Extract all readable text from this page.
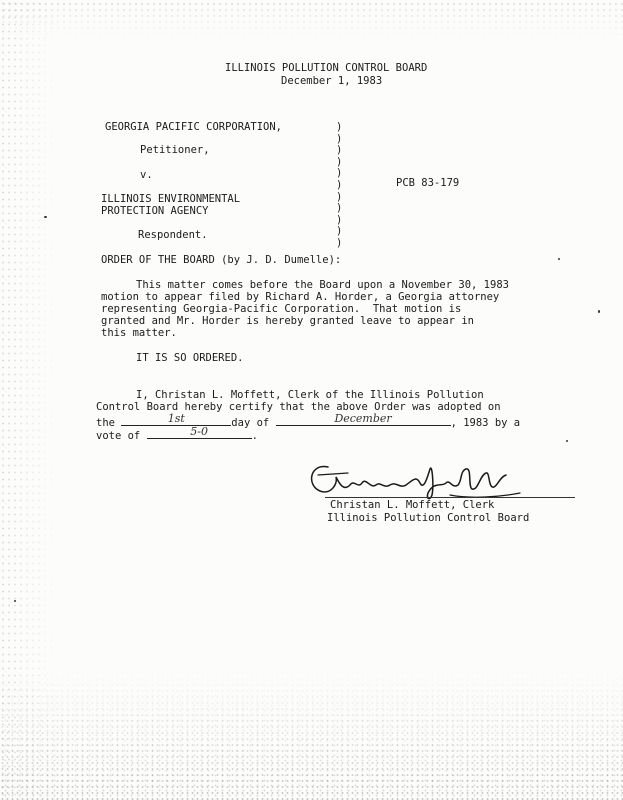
ILLINOIS POLLUTION CONTROL BOARD
December 1, 1983
GEORGIA PACIFIC CORPORATION,
Petitioner,
v.
ILLINOIS ENVIRONMENTAL
PROTECTION AGENCY
Respondent.
PCB 83-179
)
)
)
)
)
)
)
)
)
)
)
ORDER OF THE BOARD (by J. D. Dumelle):
This matter comes before the Board upon a November 30, 1983
motion to appear filed by Richard A. Horder, a Georgia attorney
representing Georgia-Pacific Corporation.  That motion is
granted and Mr. Horder is hereby granted leave to appear in
this matter.
IT IS SO ORDERED.
I, Christan L. Moffett, Clerk of the Illinois Pollution
Control Board hereby certify that the above Order was adopted on
the	1st	day of	December	, 1983 by a
vote of	5-0	.
Christan L. Moffett, Clerk
Illinois Pollution Control Board
